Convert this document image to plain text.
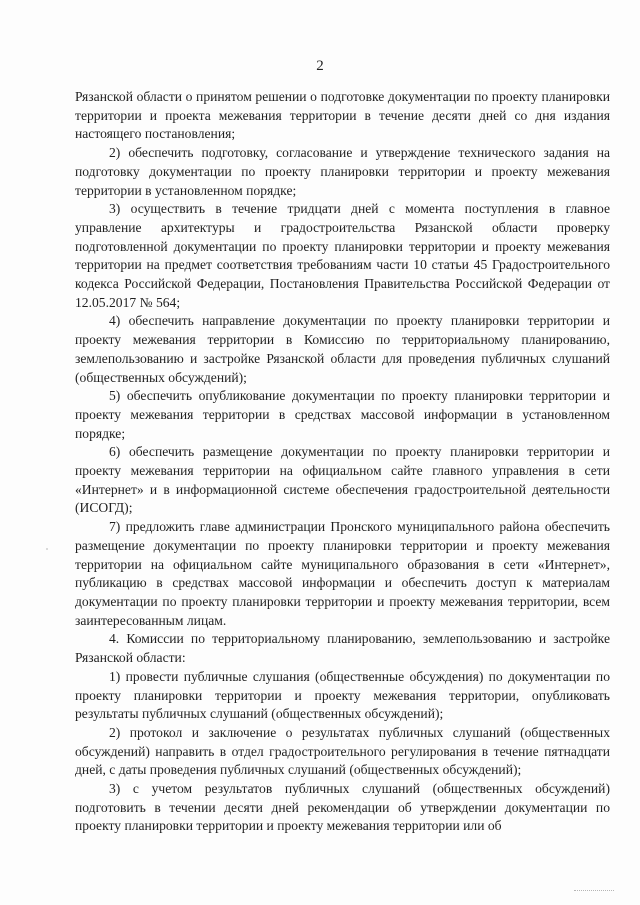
2

Рязанской области о принятом решении о подготовке документации по проекту планировки территории и проекта межевания территории в течение десяти дней со дня издания настоящего постановления;

2) обеспечить подготовку, согласование и утверждение технического задания на подготовку документации по проекту планировки территории и проекту межевания территории в установленном порядке;

3) осуществить в течение тридцати дней с момента поступления в главное управление архитектуры и градостроительства Рязанской области проверку подготовленной документации по проекту планировки территории и проекту межевания территории на предмет соответствия требованиям части 10 статьи 45 Градостроительного кодекса Российской Федерации, Постановления Правительства Российской Федерации от 12.05.2017 № 564;

4) обеспечить направление документации по проекту планировки территории и проекту межевания территории в Комиссию по территориальному планированию, землепользованию и застройке Рязанской области для проведения публичных слушаний (общественных обсуждений);

5) обеспечить опубликование документации по проекту планировки территории и проекту межевания территории в средствах массовой информации в установленном порядке;

6) обеспечить размещение документации по проекту планировки территории и проекту межевания территории на официальном сайте главного управления в сети «Интернет» и в информационной системе обеспечения градостроительной деятельности (ИСОГД);

7) предложить главе администрации Пронского муниципального района обеспечить размещение документации по проекту планировки территории и проекту межевания территории на официальном сайте муниципального образования в сети «Интернет», публикацию в средствах массовой информации и обеспечить доступ к материалам документации по проекту планировки территории и проекту межевания территории, всем заинтересованным лицам.

4. Комиссии по территориальному планированию, землепользованию и застройке Рязанской области:

1) провести публичные слушания (общественные обсуждения) по документации по проекту планировки территории и проекту межевания территории, опубликовать результаты публичных слушаний (общественных обсуждений);

2) протокол и заключение о результатах публичных слушаний (общественных обсуждений) направить в отдел градостроительного регулирования в течение пятнадцати дней, с даты проведения публичных слушаний (общественных обсуждений);

3) с учетом результатов публичных слушаний (общественных обсуждений) подготовить в течении десяти дней рекомендации об утверждении документации по проекту планировки территории и проекту межевания территории или об
